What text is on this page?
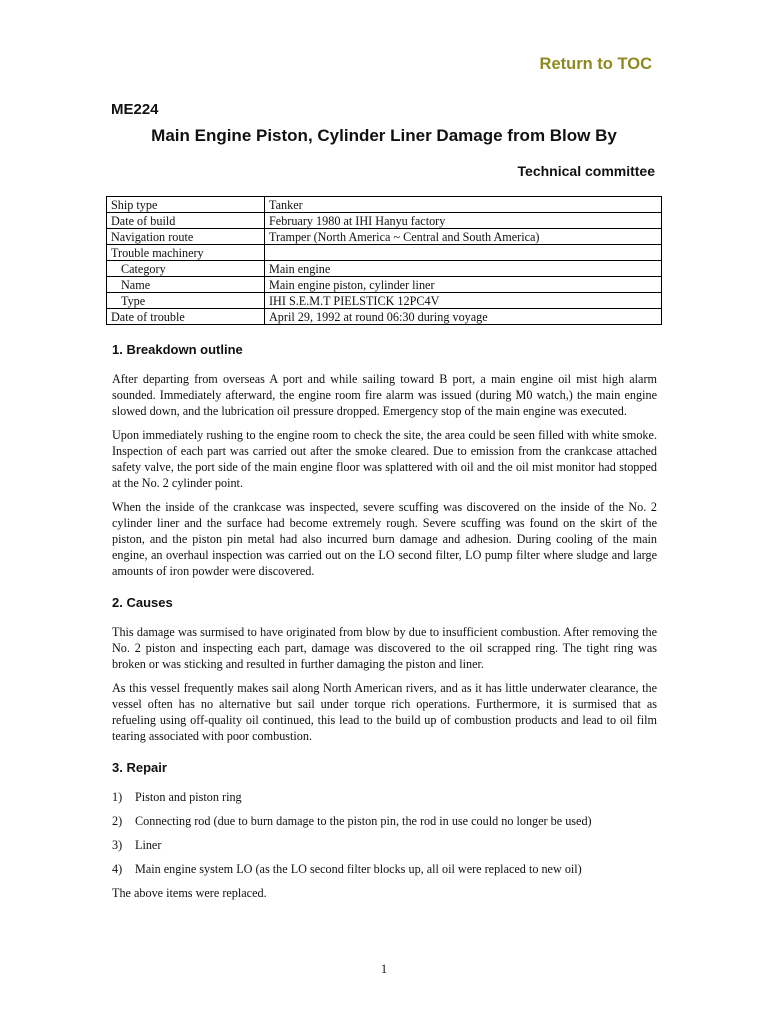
Return to TOC
ME224
Main Engine Piston, Cylinder Liner Damage from Blow By
Technical committee
Ship type	Tanker
Date of build	February 1980 at IHI Hanyu factory
Navigation route	Tramper (North America ~ Central and South America)
Trouble machinery	
Category	Main engine
Name	Main engine piston, cylinder liner
Type	IHI S.E.M.T PIELSTICK 12PC4V
Date of trouble	April 29, 1992 at round 06:30 during voyage
1. Breakdown outline

After departing from overseas A port and while sailing toward B port, a main engine oil mist high alarm sounded. Immediately afterward, the engine room fire alarm was issued (during M0 watch,) the main engine slowed down, and the lubrication oil pressure dropped. Emergency stop of the main engine was executed.

Upon immediately rushing to the engine room to check the site, the area could be seen filled with white smoke. Inspection of each part was carried out after the smoke cleared. Due to emission from the crankcase attached safety valve, the port side of the main engine floor was splattered with oil and the oil mist monitor had stopped at the No. 2 cylinder point.

When the inside of the crankcase was inspected, severe scuffing was discovered on the inside of the No. 2 cylinder liner and the surface had become extremely rough. Severe scuffing was found on the skirt of the piston, and the piston pin metal had also incurred burn damage and adhesion. During cooling of the main engine, an overhaul inspection was carried out on the LO second filter, LO pump filter where sludge and large amounts of iron powder were discovered.

2. Causes

This damage was surmised to have originated from blow by due to insufficient combustion. After removing the No. 2 piston and inspecting each part, damage was discovered to the oil scrapped ring. The tight ring was broken or was sticking and resulted in further damaging the piston and liner.

As this vessel frequently makes sail along North American rivers, and as it has little underwater clearance, the vessel often has no alternative but sail under torque rich operations. Furthermore, it is surmised that as refueling using off-quality oil continued, this lead to the build up of combustion products and lead to oil film tearing associated with poor combustion.

3. Repair
1)	Piston and piston ring
2)	Connecting rod (due to burn damage to the piston pin, the rod in use could no longer be used)
3)	Liner
4)	Main engine system LO (as the LO second filter blocks up, all oil were replaced to new oil)

The above items were replaced.

1
